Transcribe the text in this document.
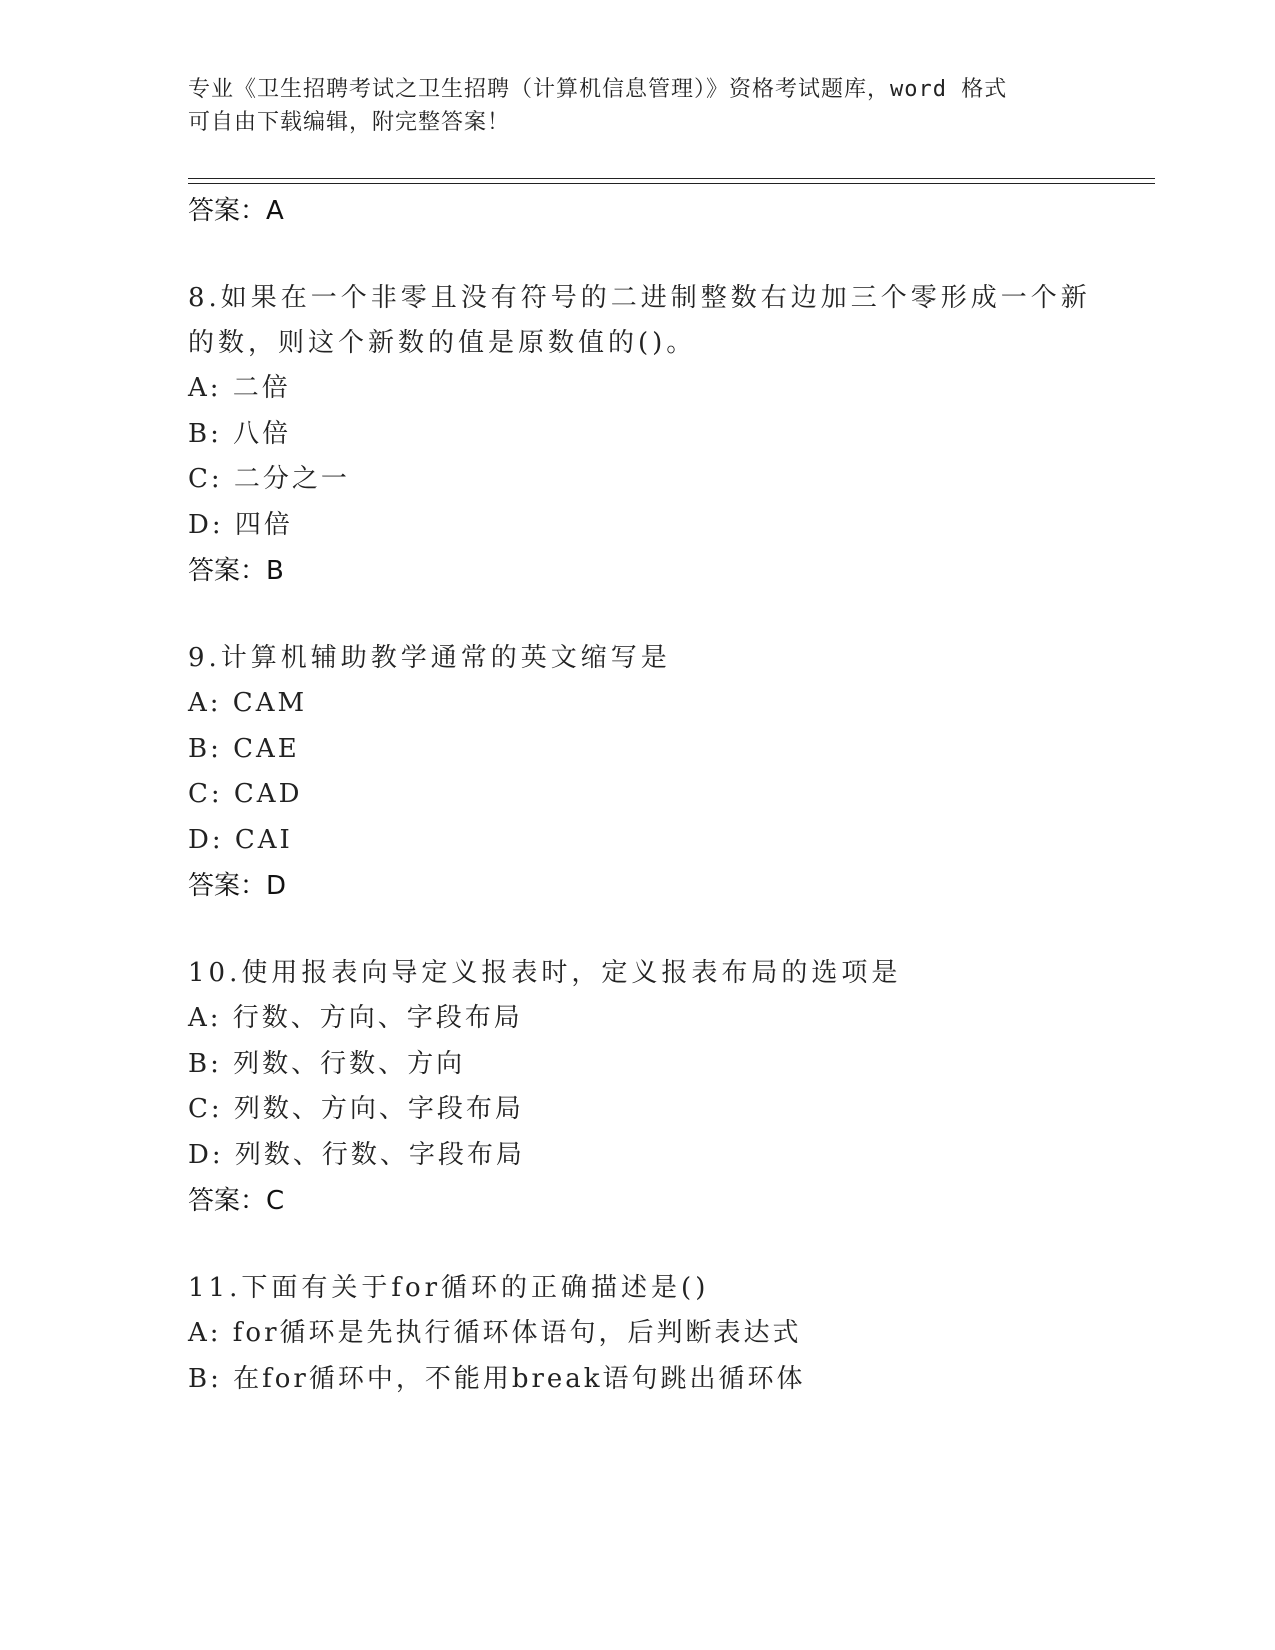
专业《卫生招聘考试之卫生招聘（计算机信息管理）》资格考试题库，word 格式
可自由下载编辑，附完整答案！
答案：A
8.如果在一个非零且没有符号的二进制整数右边加三个零形成一个新
的数，则这个新数的值是原数值的()。
A: 二倍
B: 八倍
C: 二分之一
D: 四倍
答案：B
9.计算机辅助教学通常的英文缩写是
A: CAM
B: CAE
C: CAD
D: CAI
答案：D
10.使用报表向导定义报表时，定义报表布局的选项是
A: 行数、方向、字段布局
B: 列数、行数、方向
C: 列数、方向、字段布局
D: 列数、行数、字段布局
答案：C
11.下面有关于for循环的正确描述是()
A: for循环是先执行循环体语句，后判断表达式
B: 在for循环中，不能用break语句跳出循环体
